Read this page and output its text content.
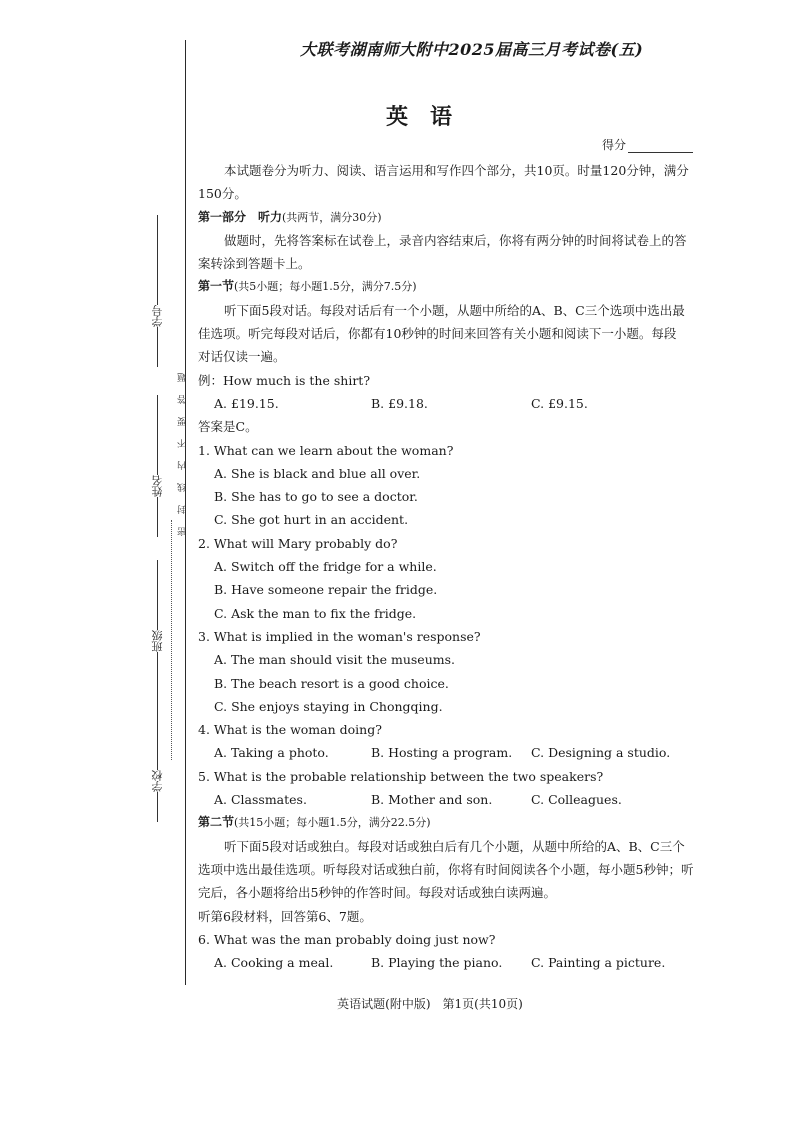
学号
姓名
班级
学校
密封线内不要答题
大联考湖南师大附中2025届高三月考试卷(五)
英语
得分

本试题卷分为听力、阅读、语言运用和写作四个部分，共10页。时量120分钟，满分

150分。

第一部分　听力(共两节，满分30分)

做题时，先将答案标在试卷上，录音内容结束后，你将有两分钟的时间将试卷上的答

案转涂到答题卡上。

第一节(共5小题；每小题1.5分，满分7.5分)

听下面5段对话。每段对话后有一个小题，从题中所给的A、B、C三个选项中选出最

佳选项。听完每段对话后，你都有10秒钟的时间来回答有关小题和阅读下一小题。每段

对话仅读一遍。

例：How much is the shirt?

A. £19.15.	B. £9.18.	C. £9.15.

答案是C。

1. What can we learn about the woman?

A. She is black and blue all over.

B. She has to go to see a doctor.

C. She got hurt in an accident.

2. What will Mary probably do?

A. Switch off the fridge for a while.

B. Have someone repair the fridge.

C. Ask the man to fix the fridge.

3. What is implied in the woman's response?

A. The man should visit the museums.

B. The beach resort is a good choice.

C. She enjoys staying in Chongqing.

4. What is the woman doing?

A. Taking a photo.	B. Hosting a program.	C. Designing a studio.

5. What is the probable relationship between the two speakers?

A. Classmates.	B. Mother and son.	C. Colleagues.

第二节(共15小题；每小题1.5分，满分22.5分)

听下面5段对话或独白。每段对话或独白后有几个小题，从题中所给的A、B、C三个

选项中选出最佳选项。听每段对话或独白前，你将有时间阅读各个小题，每小题5秒钟；听

完后，各小题将给出5秒钟的作答时间。每段对话或独白读两遍。

听第6段材料，回答第6、7题。

6. What was the man probably doing just now?

A. Cooking a meal.	B. Playing the piano.	C. Painting a picture.
英语试题(附中版)　第1页(共10页)
